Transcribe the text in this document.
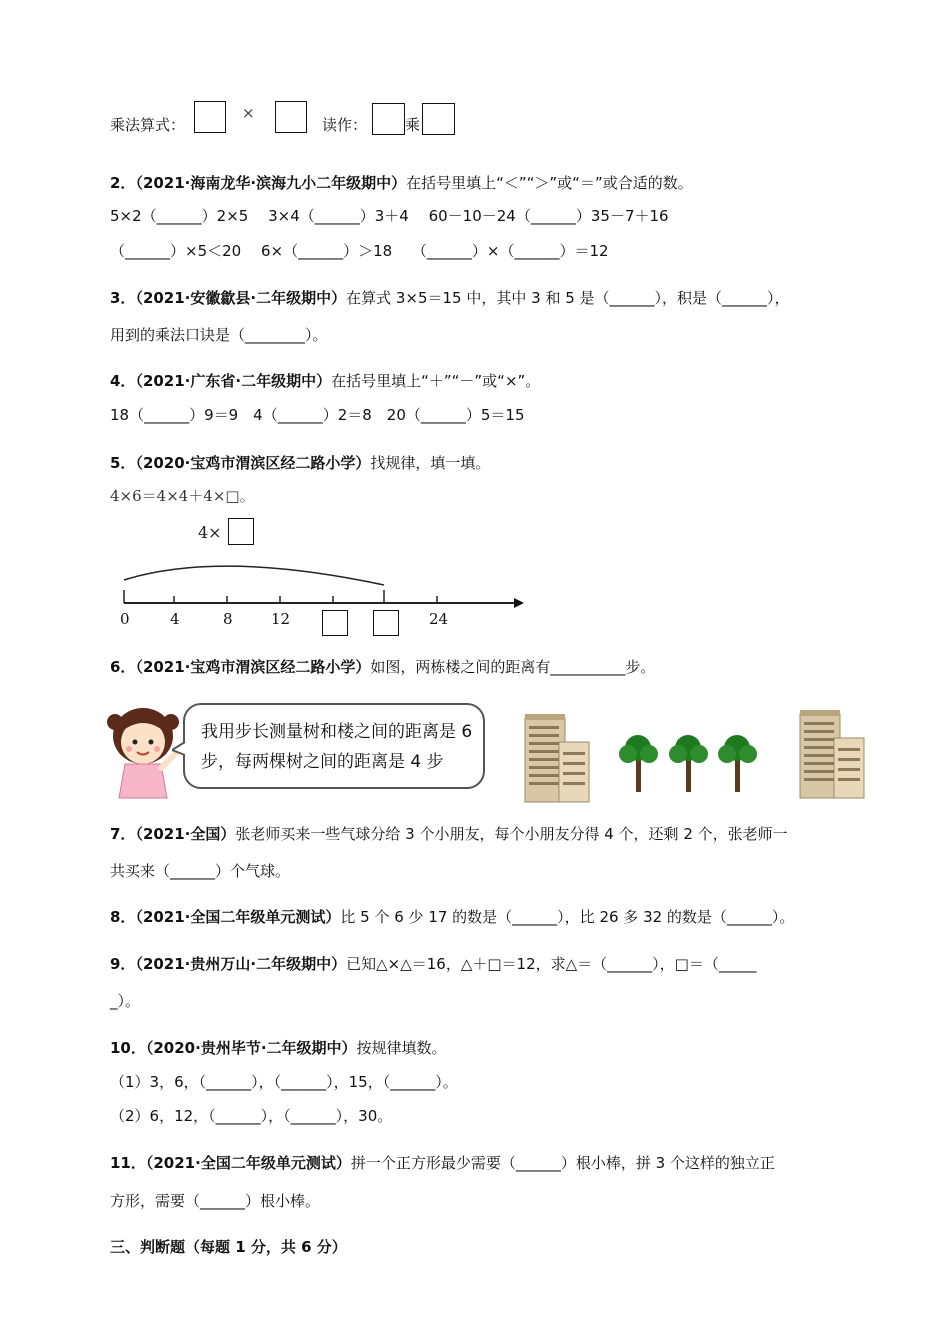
乘法算式：
×
读作：	乘
2．（2021·海南龙华·滨海九小二年级期中）在括号里填上“＜”“＞”或“＝”或合适的数。
5×2（______）2×5　 3×4（______）3＋4　 60－10－24（______）35－7＋16
（______）×5＜20　 6×（______）＞18　 （______）×（______）＝12
3．（2021·安徽歙县·二年级期中）在算式 3×5＝15 中，其中 3 和 5 是（______），积是（______），
用到的乘法口诀是（________）。
4．（2021·广东省·二年级期中）在括号里填上“＋”“－”或“×”。
18（______）9＝9　4（______）2＝8　20（______）5＝15
5．（2020·宝鸡市渭滨区经二路小学）找规律，填一填。
4×6＝4×4＋4×□。
4×
0	4	8	12	24
6．（2021·宝鸡市渭滨区经二路小学）如图，两栋楼之间的距离有__________步。
我用步长测量树和楼之间的距离是 6
步，每两棵树之间的距离是 4 步
7．（2021·全国）张老师买来一些气球分给 3 个小朋友，每个小朋友分得 4 个，还剩 2 个，张老师一
共买来（______）个气球。
8．（2021·全国二年级单元测试）比 5 个 6 少 17 的数是（______），比 26 多 32 的数是（______）。
9．（2021·贵州万山·二年级期中）已知△×△＝16，△＋□＝12，求△＝（______），□＝（_____
_）。
10．（2020·贵州毕节·二年级期中）按规律填数。
（1）3，6，（______），（______），15，（______）。
（2）6，12，（______），（______），30。
11．（2021·全国二年级单元测试）拼一个正方形最少需要（______）根小棒，拼 3 个这样的独立正
方形，需要（______）根小棒。
三、判断题（每题 1 分，共 6 分）
